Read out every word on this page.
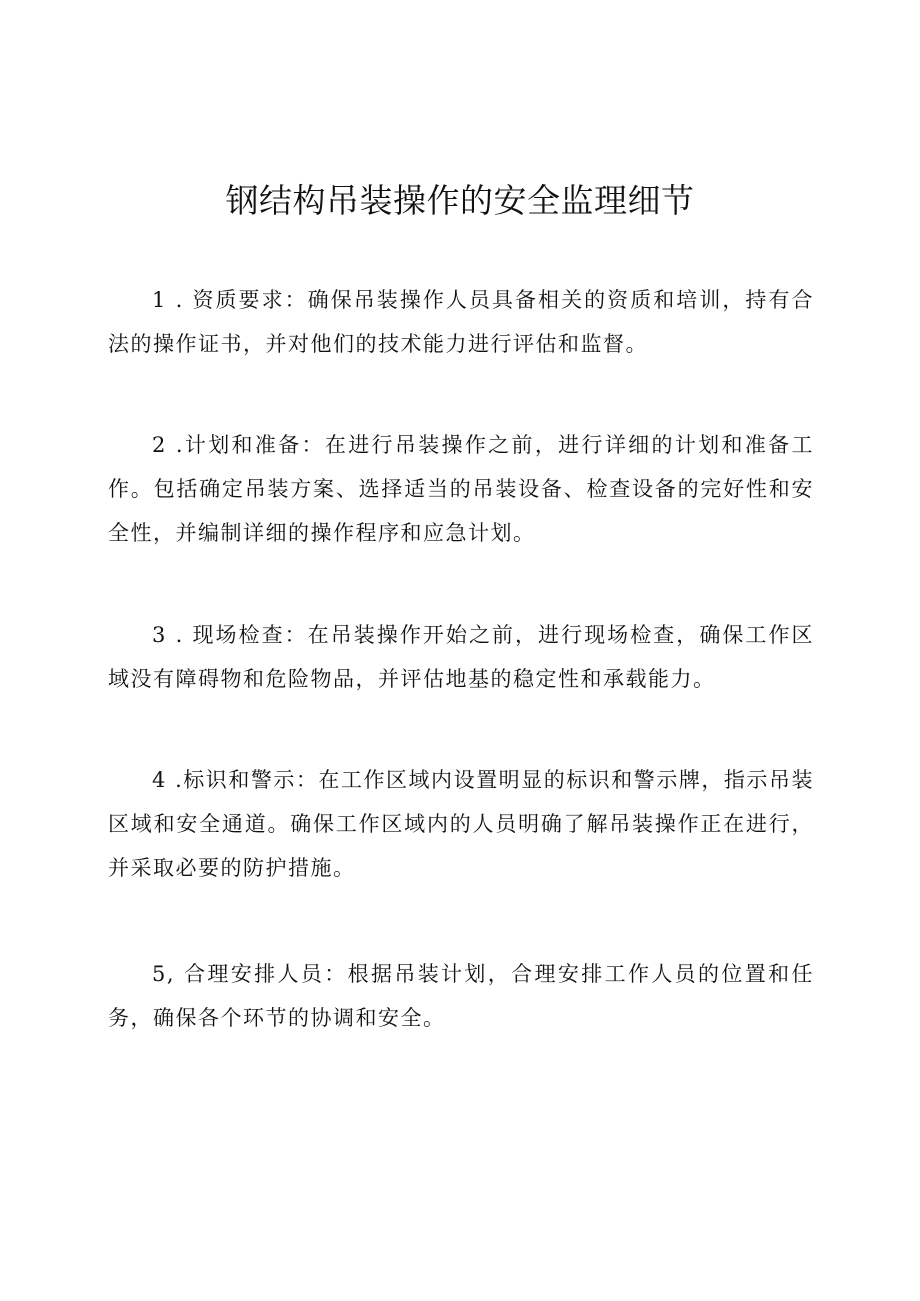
钢结构吊装操作的安全监理细节

1 . 资质要求：确保吊装操作人员具备相关的资质和培训，持有合法的操作证书，并对他们的技术能力进行评估和监督。

2 .计划和准备：在进行吊装操作之前，进行详细的计划和准备工作。包括确定吊装方案、选择适当的吊装设备、检查设备的完好性和安全性，并编制详细的操作程序和应急计划。

3 . 现场检查：在吊装操作开始之前，进行现场检查，确保工作区域没有障碍物和危险物品，并评估地基的稳定性和承载能力。

4 .标识和警示：在工作区域内设置明显的标识和警示牌，指示吊装区域和安全通道。确保工作区域内的人员明确了解吊装操作正在进行，并采取必要的防护措施。

5, 合理安排人员：根据吊装计划，合理安排工作人员的位置和任务，确保各个环节的协调和安全。
